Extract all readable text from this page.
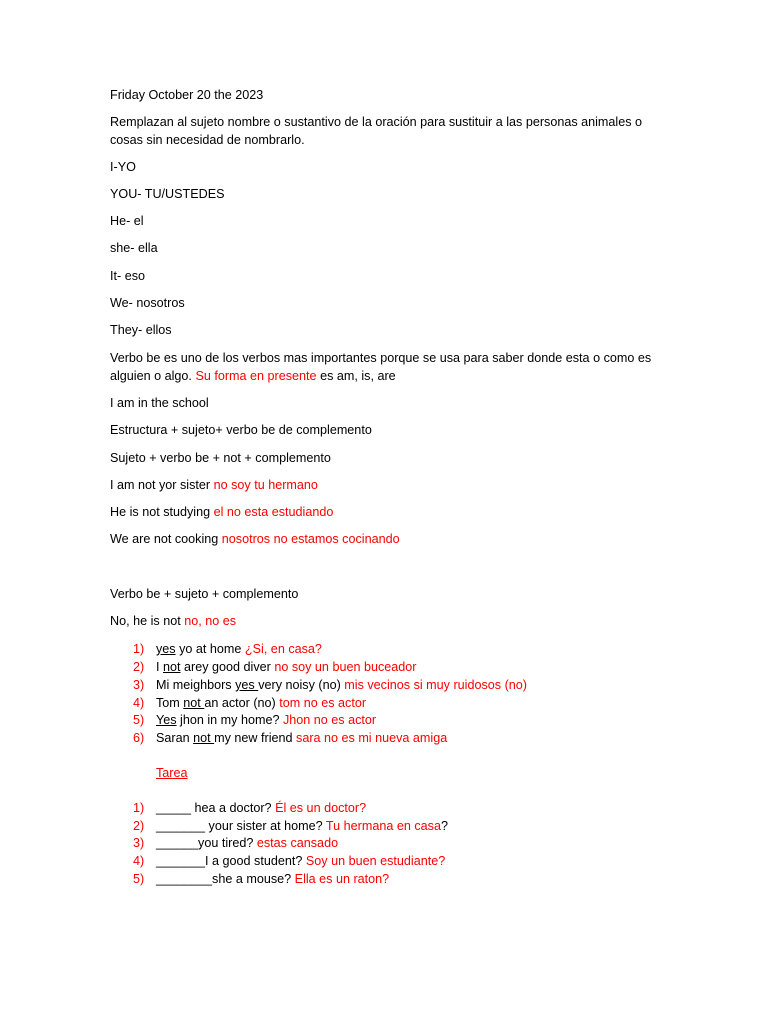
Friday October 20 the 2023
Remplazan al sujeto nombre o sustantivo de la oración para sustituir a las personas animales o cosas sin necesidad de nombrarlo.
I-YO
YOU- TU/USTEDES
He- el
she- ella
It- eso
We- nosotros
They- ellos
Verbo be es uno de los verbos mas importantes porque se usa para saber donde esta o como es alguien o algo. Su forma en presente es am, is, are
I am in the school
Estructura + sujeto+ verbo be de complemento
Sujeto + verbo be + not + complemento
I am not yor sister no soy tu hermano
He is not studying el no esta estudiando
We are not cooking nosotros no estamos cocinando
Verbo be + sujeto + complemento
No, he is not no, no es
1) yes yo at home ¿Si, en casa?
2) I not arey good diver no soy un buen buceador
3) Mi meighbors yes very noisy (no) mis vecinos si muy ruidosos (no)
4) Tom not an actor (no) tom no es actor
5) Yes jhon in my home? Jhon no es actor
6) Saran not my new friend sara no es mi nueva amiga
Tarea
1) _____ hea a doctor? Él es un doctor?
2) _______ your sister at home? Tu hermana en casa?
3) ______you tired? estas cansado
4) _______I a good student? Soy un buen estudiante?
5) ________she a mouse? Ella es un raton?
